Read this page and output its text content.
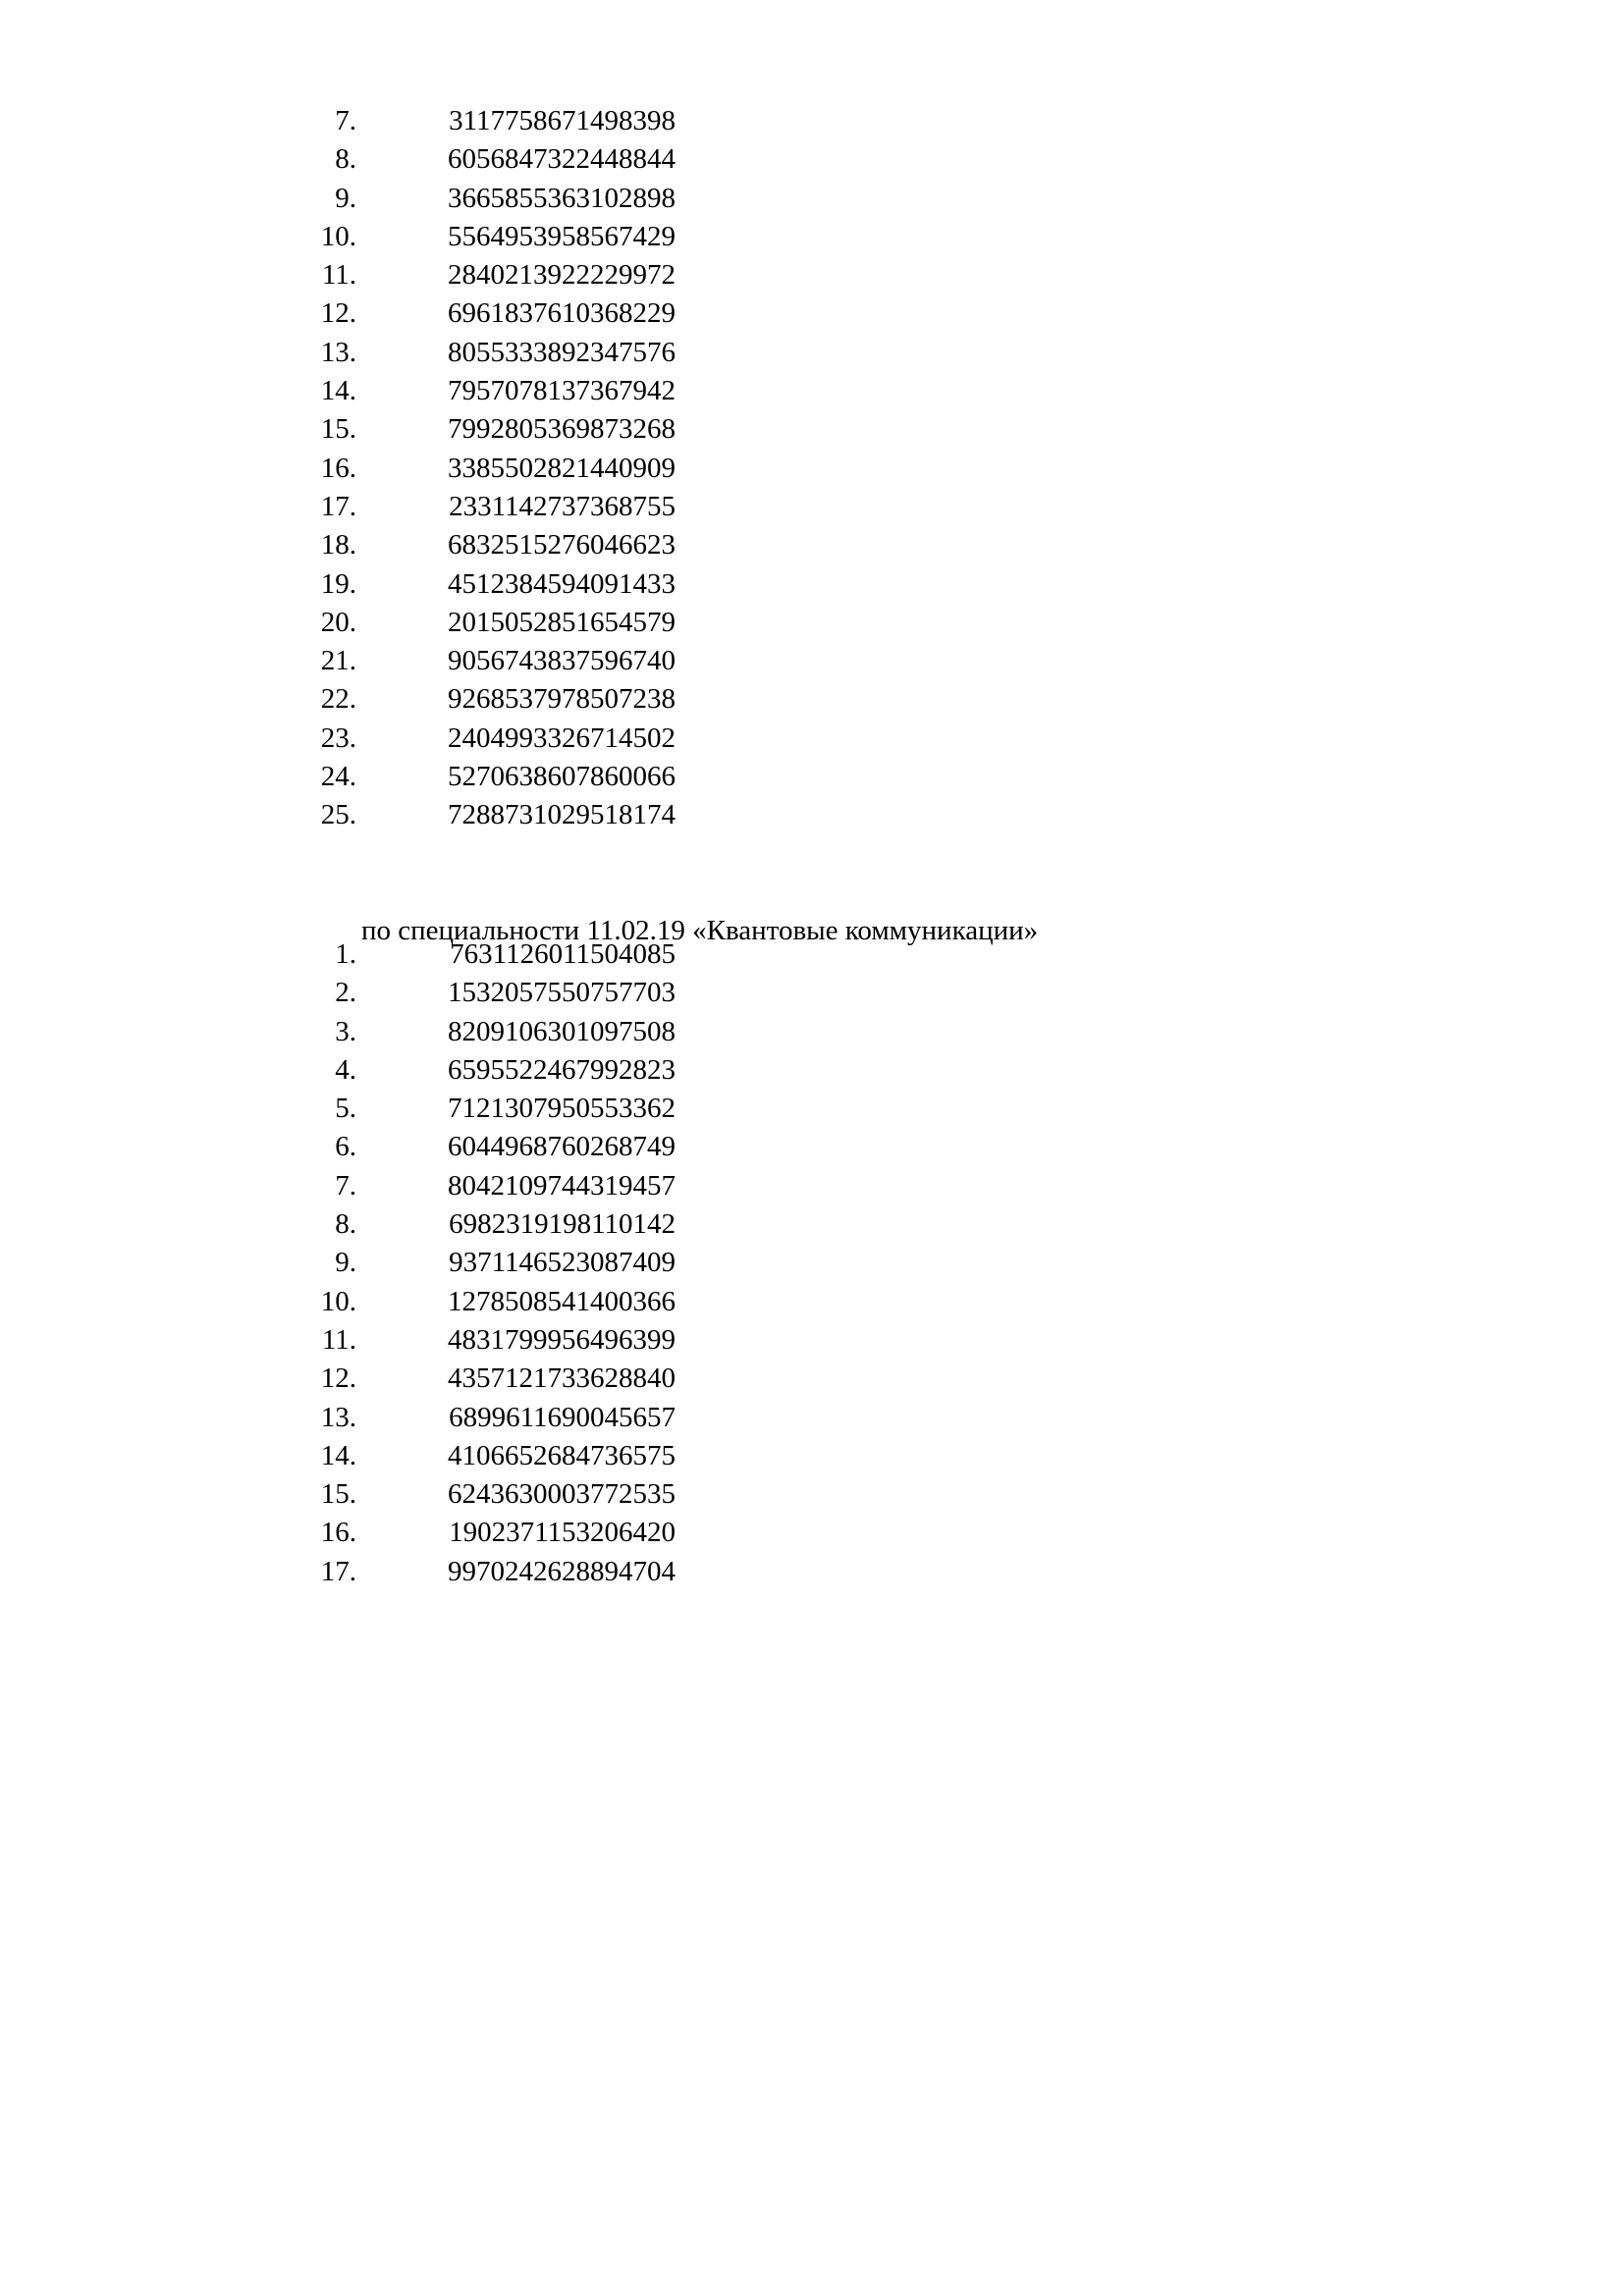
7.	3117758671498398
8.	6056847322448844
9.	3665855363102898
10.	5564953958567429
11.	2840213922229972
12.	6961837610368229
13.	8055333892347576
14.	7957078137367942
15.	7992805369873268
16.	3385502821440909
17.	2331142737368755
18.	6832515276046623
19.	4512384594091433
20.	2015052851654579
21.	9056743837596740
22.	9268537978507238
23.	2404993326714502
24.	5270638607860066
25.	7288731029518174
по специальности 11.02.19 «Квантовые коммуникации»
1.	7631126011504085
2.	1532057550757703
3.	8209106301097508
4.	6595522467992823
5.	7121307950553362
6.	6044968760268749
7.	8042109744319457
8.	6982319198110142
9.	9371146523087409
10.	1278508541400366
11.	4831799956496399
12.	4357121733628840
13.	6899611690045657
14.	4106652684736575
15.	6243630003772535
16.	1902371153206420
17.	9970242628894704
